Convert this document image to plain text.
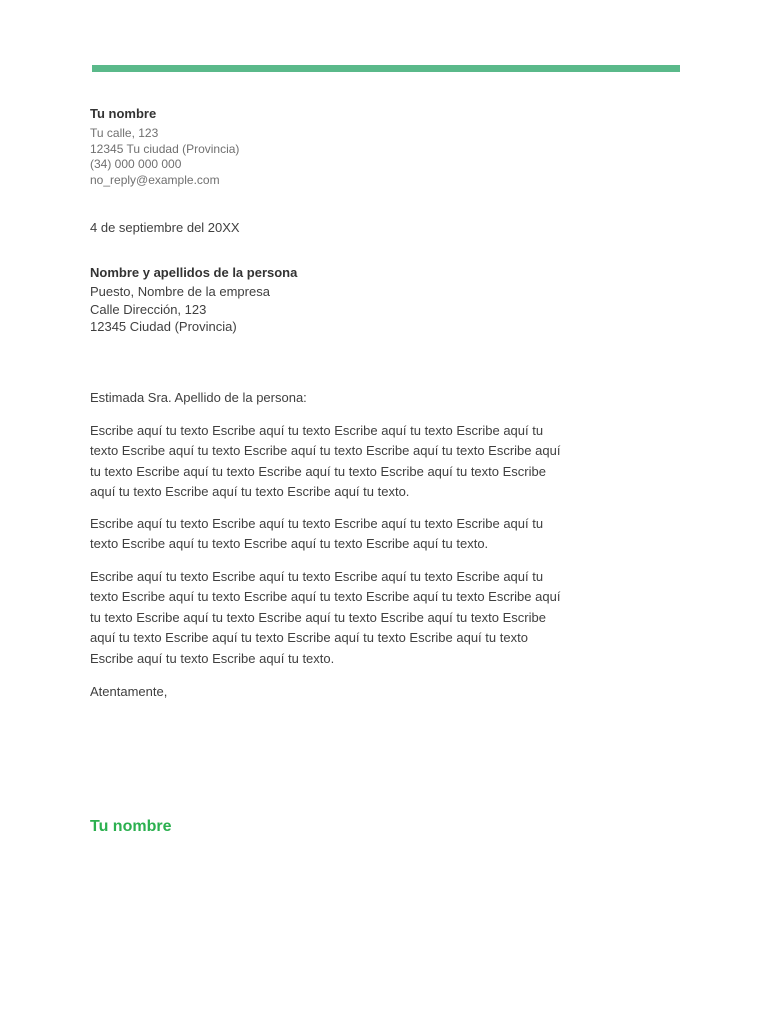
Tu nombre
Tu calle, 123
12345 Tu ciudad (Provincia)
(34) 000 000 000
no_reply@example.com
4 de septiembre del 20XX
Nombre y apellidos de la persona
Puesto, Nombre de la empresa
Calle Dirección, 123
12345 Ciudad (Provincia)
Estimada Sra. Apellido de la persona:

Escribe aquí tu texto Escribe aquí tu texto Escribe aquí tu texto Escribe aquí tu texto Escribe aquí tu texto Escribe aquí tu texto Escribe aquí tu texto Escribe aquí tu texto Escribe aquí tu texto Escribe aquí tu texto Escribe aquí tu texto Escribe aquí tu texto Escribe aquí tu texto Escribe aquí tu texto.

Escribe aquí tu texto Escribe aquí tu texto Escribe aquí tu texto Escribe aquí tu texto Escribe aquí tu texto Escribe aquí tu texto Escribe aquí tu texto.

Escribe aquí tu texto Escribe aquí tu texto Escribe aquí tu texto Escribe aquí tu texto Escribe aquí tu texto Escribe aquí tu texto Escribe aquí tu texto Escribe aquí tu texto Escribe aquí tu texto Escribe aquí tu texto Escribe aquí tu texto Escribe aquí tu texto Escribe aquí tu texto Escribe aquí tu texto Escribe aquí tu texto Escribe aquí tu texto Escribe aquí tu texto.

Atentamente,
Tu nombre
